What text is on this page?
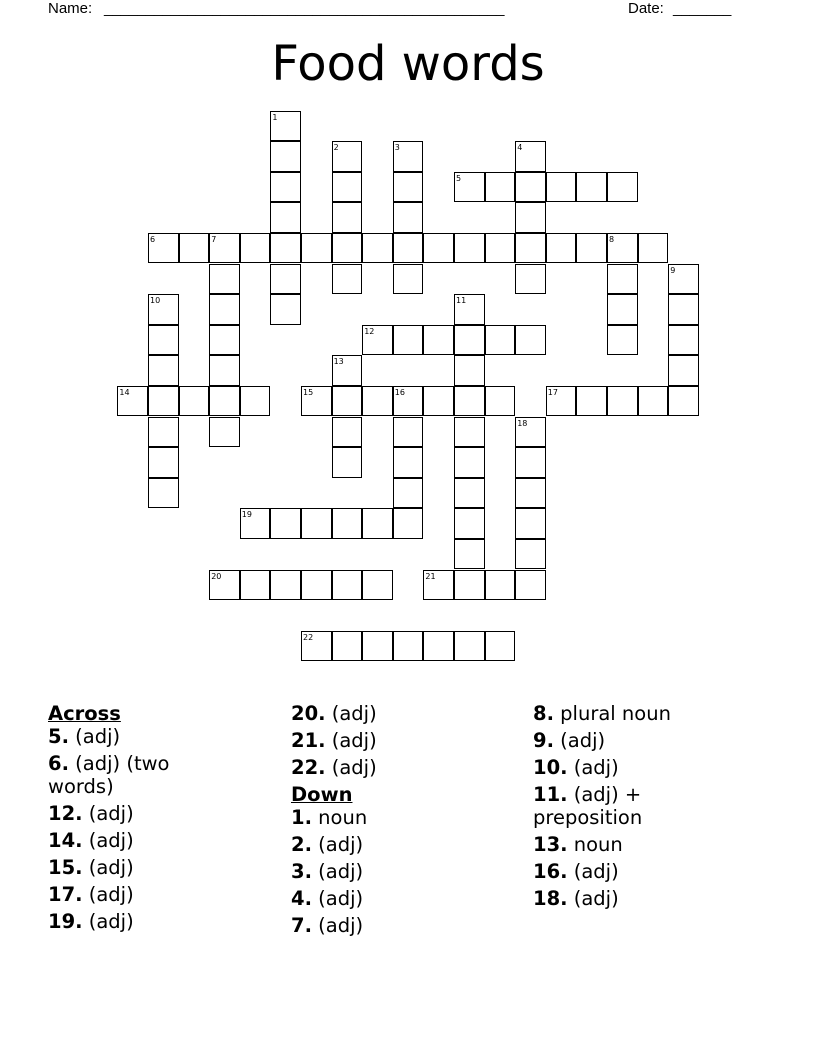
Name: ________________________________________________	Date: _______
Food words
1
2	3	4
5
6	7	8
9
10	11
12
13
14	15	16	17
18
19
20	21
22
Across
5. (adj)
6. (adj) (two words)
12. (adj)
14. (adj)
15. (adj)
17. (adj)
19. (adj)
20. (adj)
21. (adj)
22. (adj)
Down
1. noun
2. (adj)
3. (adj)
4. (adj)
7. (adj)
8. plural noun
9. (adj)
10. (adj)
11. (adj) + preposition
13. noun
16. (adj)
18. (adj)
